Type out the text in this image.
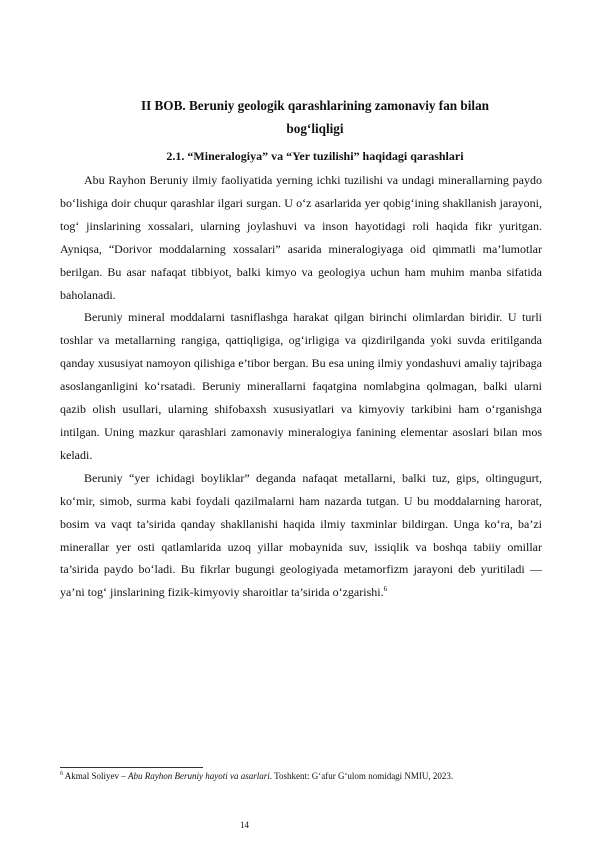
II BOB. Beruniy geologik qarashlarining zamonaviy fan bilan
bog‘liqligi
2.1. “Mineralogiya” va “Yer tuzilishi” haqidagi qarashlari

Abu Rayhon Beruniy ilmiy faoliyatida yerning ichki tuzilishi va undagi minerallarning paydo bo‘lishiga doir chuqur qarashlar ilgari surgan. U o‘z asarlarida yer qobig‘ining shakllanish jarayoni, tog‘ jinslarining xossalari, ularning joylashuvi va inson hayotidagi roli haqida fikr yuritgan. Ayniqsa, “Dorivor moddalarning xossalari” asarida mineralogiyaga oid qimmatli ma’lumotlar berilgan. Bu asar nafaqat tibbiyot, balki kimyo va geologiya uchun ham muhim manba sifatida baholanadi.

Beruniy mineral moddalarni tasniflashga harakat qilgan birinchi olimlardan biridir. U turli toshlar va metallarning rangiga, qattiqligiga, og‘irligiga va qizdirilganda yoki suvda eritilganda qanday xususiyat namoyon qilishiga e’tibor bergan. Bu esa uning ilmiy yondashuvi amaliy tajribaga asoslanganligini ko‘rsatadi. Beruniy minerallarni faqatgina nomlabgina qolmagan, balki ularni qazib olish usullari, ularning shifobaxsh xususiyatlari va kimyoviy tarkibini ham o‘rganishga intilgan. Uning mazkur qarashlari zamonaviy mineralogiya fanining elementar asoslari bilan mos keladi.

Beruniy “yer ichidagi boyliklar” deganda nafaqat metallarni, balki tuz, gips, oltingugurt, ko‘mir, simob, surma kabi foydali qazilmalarni ham nazarda tutgan. U bu moddalarning harorat, bosim va vaqt ta’sirida qanday shakllanishi haqida ilmiy taxminlar bildirgan. Unga ko‘ra, ba’zi minerallar yer osti qatlamlarida uzoq yillar mobaynida suv, issiqlik va boshqa tabiiy omillar ta’sirida paydo bo‘ladi. Bu fikrlar bugungi geologiyada metamorfizm jarayoni deb yuritiladi — ya’ni tog‘ jinslarining fizik-kimyoviy sharoitlar ta’sirida o‘zgarishi.$^6$

$^6$ Akmal Soliyev – Abu Rayhon Beruniy hayoti va asarlari. Toshkent: G‘afur G‘ulom nomidagi NMIU, 2023.

14
